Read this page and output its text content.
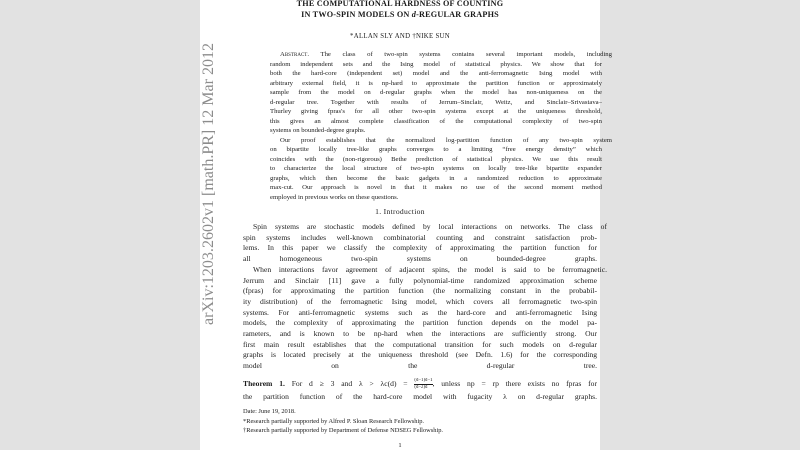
arXiv:1203.2602v1 [math.PR] 12 Mar 2012
THE COMPUTATIONAL HARDNESS OF COUNTING
IN TWO-SPIN MODELS ON d-REGULAR GRAPHS
*ALLAN SLY AND †NIKE SUN
Abstract. The class of two-spin systems contains several important models, including
random independent sets and the Ising model of statistical physics. We show that for
both the hard-core (independent set) model and the anti-ferromagnetic Ising model with
arbitrary external field, it is np-hard to approximate the partition function or approximately
sample from the model on d-regular graphs when the model has non-uniqueness on the
d-regular tree. Together with results of Jerrum–Sinclair, Weitz, and Sinclair–Srivastava–
Thurley giving fpras's for all other two-spin systems except at the uniqueness threshold,
this gives an almost complete classification of the computational complexity of two-spin
systems on bounded-degree graphs.
Our proof establishes that the normalized log-partition function of any two-spin system
on bipartite locally tree-like graphs converges to a limiting “free energy density” which
coincides with the (non-rigorous) Bethe prediction of statistical physics. We use this result
to characterize the local structure of two-spin systems on locally tree-like bipartite expander
graphs, which then become the basic gadgets in a randomized reduction to approximate
max-cut. Our approach is novel in that it makes no use of the second moment method
employed in previous works on these questions.
1. Introduction
Spin systems are stochastic models defined by local interactions on networks. The class of
spin systems includes well-known combinatorial counting and constraint satisfaction prob-
lems. In this paper we classify the complexity of approximating the partition function for
all homogeneous two-spin systems on bounded-degree graphs.
When interactions favor agreement of adjacent spins, the model is said to be ferromagnetic.
Jerrum and Sinclair [11] gave a fully polynomial-time randomized approximation scheme
(fpras) for approximating the partition function (the normalizing constant in the probabil-
ity distribution) of the ferromagnetic Ising model, which covers all ferromagnetic two-spin
systems. For anti-ferromagnetic systems such as the hard-core and anti-ferromagnetic Ising
models, the complexity of approximating the partition function depends on the model pa-
rameters, and is known to be np-hard when the interactions are sufficiently strong. Our
first main result establishes that the computational transition for such models on d-regular
graphs is located precisely at the uniqueness threshold (see Defn. 1.6) for the corresponding
model on the d-regular tree.
Theorem 1. For d ≥ 3 and $\lambda > \lambda c(d) = \frac{(d-1)d-1}{(d-2)d}$ , unless np = rp there exists no fpras for
the partition function of the hard-core model with fugacity λ on d-regular graphs.
Date: June 19, 2018.
*Research partially supported by Alfred P. Sloan Research Fellowship.
†Research partially supported by Department of Defense NDSEG Fellowship.
1
